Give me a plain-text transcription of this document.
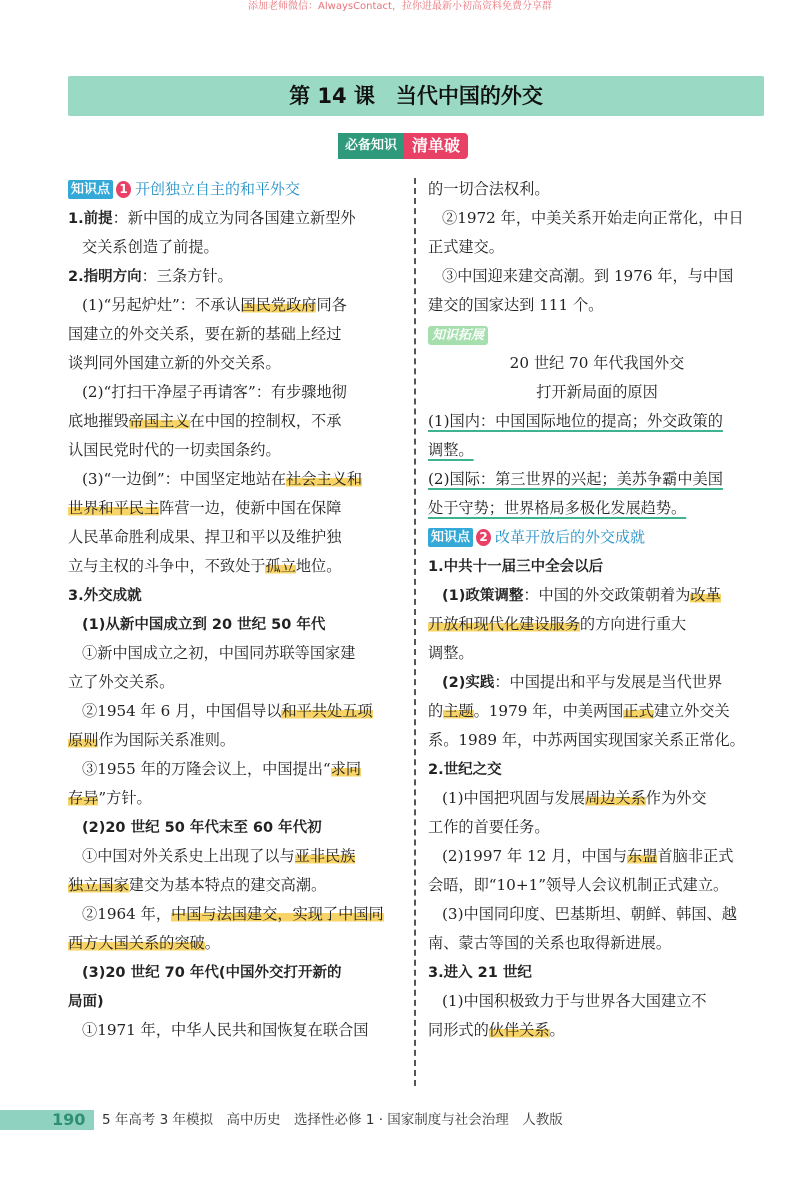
添加老师微信：AlwaysContact，拉你进最新小初高资料免费分享群
第 14 课　当代中国的外交
必备知识 清单破
知识点 1 开创独立自主的和平外交
1.前提：新中国的成立为同各国建立新型外
交关系创造了前提。
2.指明方向：三条方针。
(1)“另起炉灶”：不承认国民党政府同各
国建立的外交关系，要在新的基础上经过
谈判同外国建立新的外交关系。
(2)“打扫干净屋子再请客”：有步骤地彻
底地摧毁帝国主义在中国的控制权，不承
认国民党时代的一切卖国条约。
(3)“一边倒”：中国坚定地站在社会主义和
世界和平民主阵营一边，使新中国在保障
人民革命胜利成果、捍卫和平以及维护独
立与主权的斗争中，不致处于孤立地位。
3.外交成就
(1)从新中国成立到 20 世纪 50 年代
①新中国成立之初，中国同苏联等国家建
立了外交关系。
②1954 年 6 月，中国倡导以和平共处五项
原则作为国际关系准则。
③1955 年的万隆会议上，中国提出“求同
存异”方针。
(2)20 世纪 50 年代末至 60 年代初
①中国对外关系史上出现了以与亚非民族
独立国家建交为基本特点的建交高潮。
②1964 年，中国与法国建交，实现了中国同
西方大国关系的突破。
(3)20 世纪 70 年代(中国外交打开新的
局面)
①1971 年，中华人民共和国恢复在联合国
的一切合法权利。
②1972 年，中美关系开始走向正常化，中日
正式建交。
③中国迎来建交高潮。到 1976 年，与中国
建交的国家达到 111 个。
知识拓展
20 世纪 70 年代我国外交
打开新局面的原因
(1)国内：中国国际地位的提高；外交政策的
调整。
(2)国际：第三世界的兴起；美苏争霸中美国
处于守势；世界格局多极化发展趋势。
知识点 2 改革开放后的外交成就
1.中共十一届三中全会以后
(1)政策调整：中国的外交政策朝着为改革
开放和现代化建设服务的方向进行重大
调整。
(2)实践：中国提出和平与发展是当代世界
的主题。1979 年，中美两国正式建立外交关
系。1989 年，中苏两国实现国家关系正常化。
2.世纪之交
(1)中国把巩固与发展周边关系作为外交
工作的首要任务。
(2)1997 年 12 月，中国与东盟首脑非正式
会晤，即“10+1”领导人会议机制正式建立。
(3)中国同印度、巴基斯坦、朝鲜、韩国、越
南、蒙古等国的关系也取得新进展。
3.进入 21 世纪
(1)中国积极致力于与世界各大国建立不
同形式的伙伴关系。
190 5 年高考 3 年模拟　高中历史　选择性必修 1 · 国家制度与社会治理　人教版
